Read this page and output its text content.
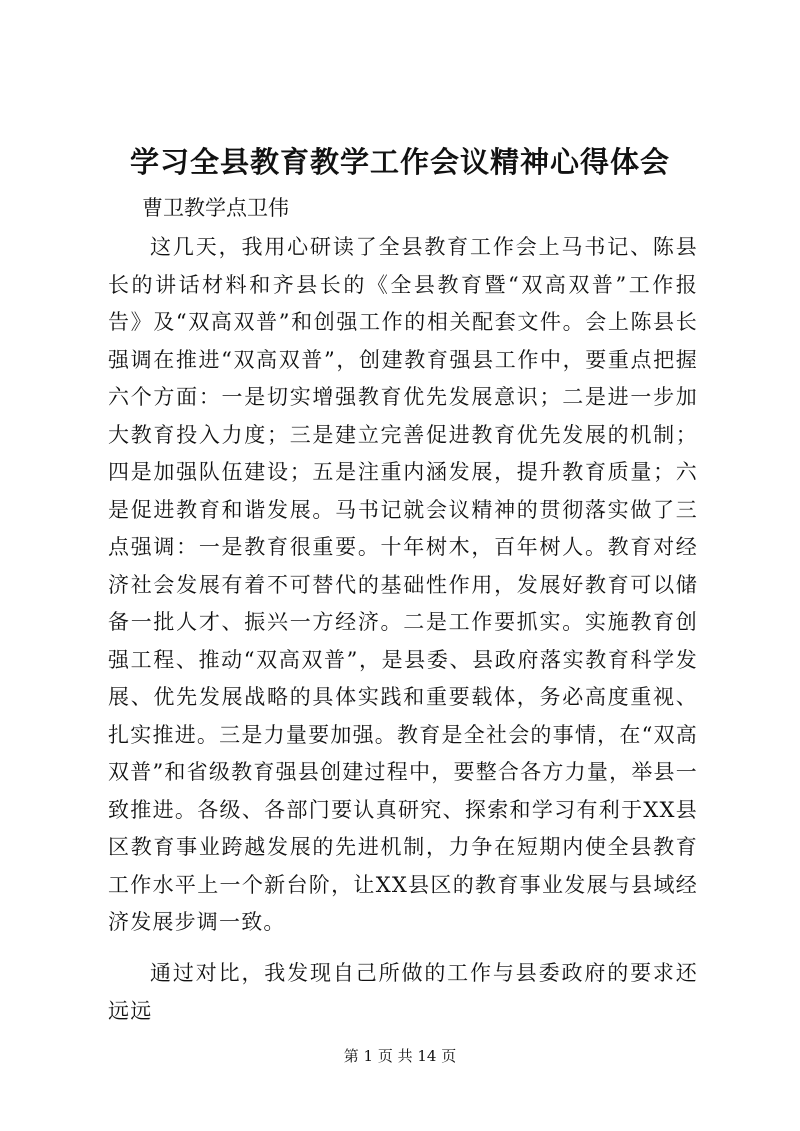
学习全县教育教学工作会议精神心得体会

曹卫教学点卫伟

这几天，我用心研读了全县教育工作会上马书记、陈县长的讲话材料和齐县长的《全县教育暨“双高双普”工作报告》及“双高双普”和创强工作的相关配套文件。会上陈县长强调在推进“双高双普”，创建教育强县工作中，要重点把握六个方面：一是切实增强教育优先发展意识；二是进一步加大教育投入力度；三是建立完善促进教育优先发展的机制；四是加强队伍建设；五是注重内涵发展，提升教育质量；六是促进教育和谐发展。马书记就会议精神的贯彻落实做了三点强调：一是教育很重要。十年树木，百年树人。教育对经济社会发展有着不可替代的基础性作用，发展好教育可以储备一批人才、振兴一方经济。二是工作要抓实。实施教育创强工程、推动“双高双普”，是县委、县政府落实教育科学发展、优先发展战略的具体实践和重要载体，务必高度重视、扎实推进。三是力量要加强。教育是全社会的事情，在“双高双普”和省级教育强县创建过程中，要整合各方力量，举县一致推进。各级、各部门要认真研究、探索和学习有利于XX县区教育事业跨越发展的先进机制，力争在短期内使全县教育工作水平上一个新台阶，让XX县区的教育事业发展与县域经济发展步调一致。

通过对比，我发现自己所做的工作与县委政府的要求还远远

第 1 页 共 14 页
